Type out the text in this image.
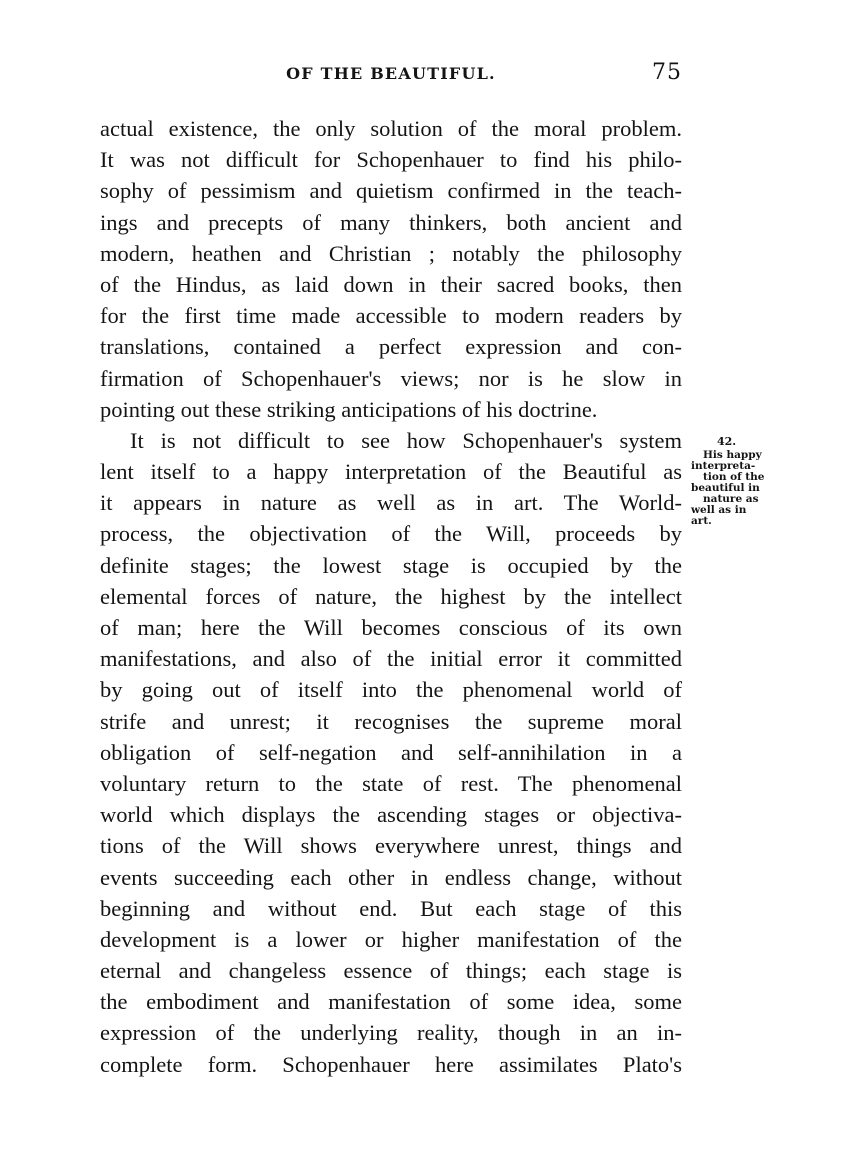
OF THE BEAUTIFUL.	75
actual existence, the only solution of the moral problem.
It was not difficult for Schopenhauer to find his philo-
sophy of pessimism and quietism confirmed in the teach-
ings and precepts of many thinkers, both ancient and
modern, heathen and Christian ; notably the philosophy
of the Hindus, as laid down in their sacred books, then
for the first time made accessible to modern readers by
translations, contained a perfect expression and con-
firmation of Schopenhauer's views; nor is he slow in
pointing out these striking anticipations of his doctrine.
It is not difficult to see how Schopenhauer's system
lent itself to a happy interpretation of the Beautiful as
it appears in nature as well as in art. The World-
process, the objectivation of the Will, proceeds by
definite stages; the lowest stage is occupied by the
elemental forces of nature, the highest by the intellect
of man; here the Will becomes conscious of its own
manifestations, and also of the initial error it committed
by going out of itself into the phenomenal world of
strife and unrest; it recognises the supreme moral
obligation of self-negation and self-annihilation in a
voluntary return to the state of rest. The phenomenal
world which displays the ascending stages or objectiva-
tions of the Will shows everywhere unrest, things and
events succeeding each other in endless change, without
beginning and without end. But each stage of this
development is a lower or higher manifestation of the
eternal and changeless essence of things; each stage is
the embodiment and manifestation of some idea, some
expression of the underlying reality, though in an in-
complete form. Schopenhauer here assimilates Plato's
42.
His happy
interpreta-
tion of the
beautiful in
nature as
well as in
art.
